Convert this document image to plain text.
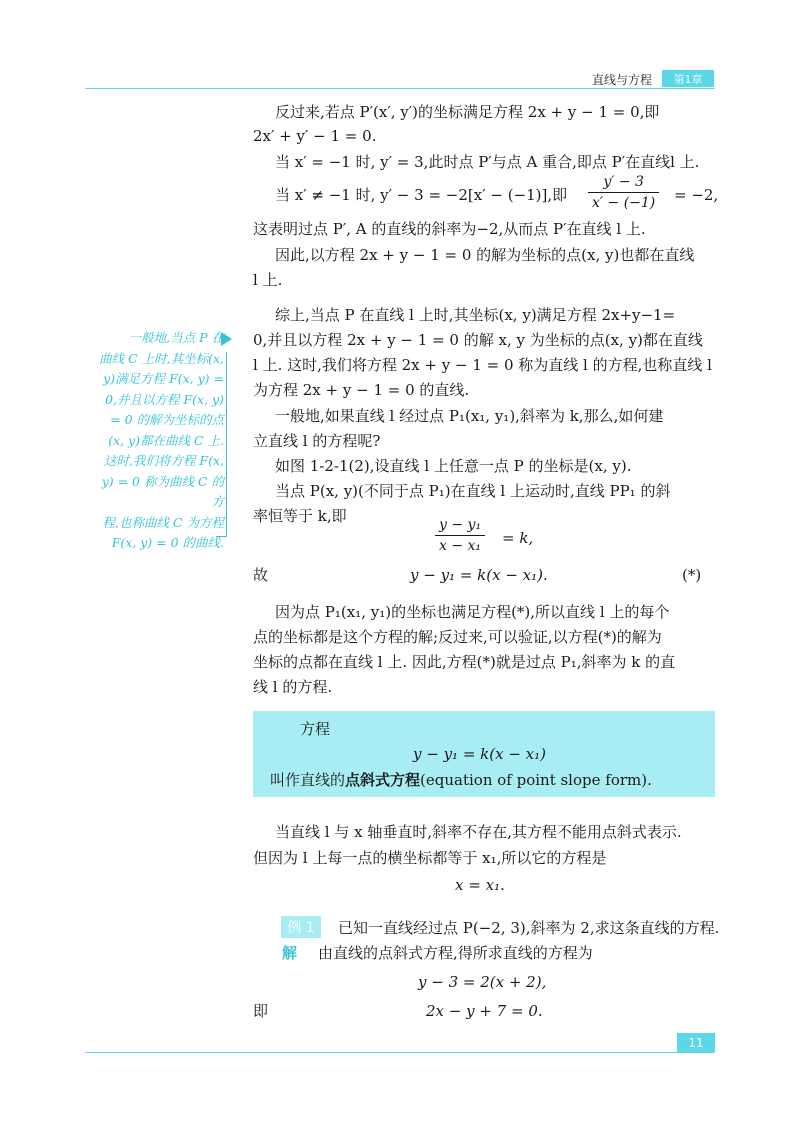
直线与方程	第1章
反过来,若点 P′(x′, y′)的坐标满足方程 2x + y − 1 = 0,即
2x′ + y′ − 1 = 0.
当 x′ = −1 时, y′ = 3,此时点 P′与点 A 重合,即点 P′在直线l 上.
当 x′ ≠ −1 时, y′ − 3 = −2[x′ − (−1)],即
y′ − 3
x′ − (−1) = −2,
这表明过点 P′, A 的直线的斜率为−2,从而点 P′在直线 l 上.
因此,以方程 2x + y − 1 = 0 的解为坐标的点(x, y)也都在直线
l 上.
一般地,当点 P 在
曲线 C 上时,其坐标(x,
y)满足方程 F(x, y) =
0,并且以方程 F(x, y)
= 0 的解为坐标的点
(x, y)都在曲线 C 上.
这时,我们将方程 F(x,
y) = 0 称为曲线 C 的方
程,也称曲线 C 为方程
F(x, y) = 0 的曲线.
综上,当点 P 在直线 l 上时,其坐标(x, y)满足方程 2x+y−1=
0,并且以方程 2x + y − 1 = 0 的解 x, y 为坐标的点(x, y)都在直线
l 上. 这时,我们将方程 2x + y − 1 = 0 称为直线 l 的方程,也称直线 l
为方程 2x + y − 1 = 0 的直线.
一般地,如果直线 l 经过点 P₁(x₁, y₁),斜率为 k,那么,如何建
立直线 l 的方程呢?
如图 1-2-1(2),设直线 l 上任意一点 P 的坐标是(x, y).
当点 P(x, y)(不同于点 P₁)在直线 l 上运动时,直线 PP₁ 的斜
率恒等于 k,即	y − y₁
x − x₁ = k,
故	y − y₁ = k(x − x₁).	(*)
因为点 P₁(x₁, y₁)的坐标也满足方程(*),所以直线 l 上的每个
点的坐标都是这个方程的解;反过来,可以验证,以方程(*)的解为
坐标的点都在直线 l 上. 因此,方程(*)就是过点 P₁,斜率为 k 的直
线 l 的方程.
方程
y − y₁ = k(x − x₁)
叫作直线的点斜式方程(equation of point slope form).
当直线 l 与 x 轴垂直时,斜率不存在,其方程不能用点斜式表示.
但因为 l 上每一点的横坐标都等于 x₁,所以它的方程是
x = x₁.
例 1	已知一直线经过点 P(−2, 3),斜率为 2,求这条直线的方程.
解 由直线的点斜式方程,得所求直线的方程为
y − 3 = 2(x + 2),
即	2x − y + 7 = 0.
11
